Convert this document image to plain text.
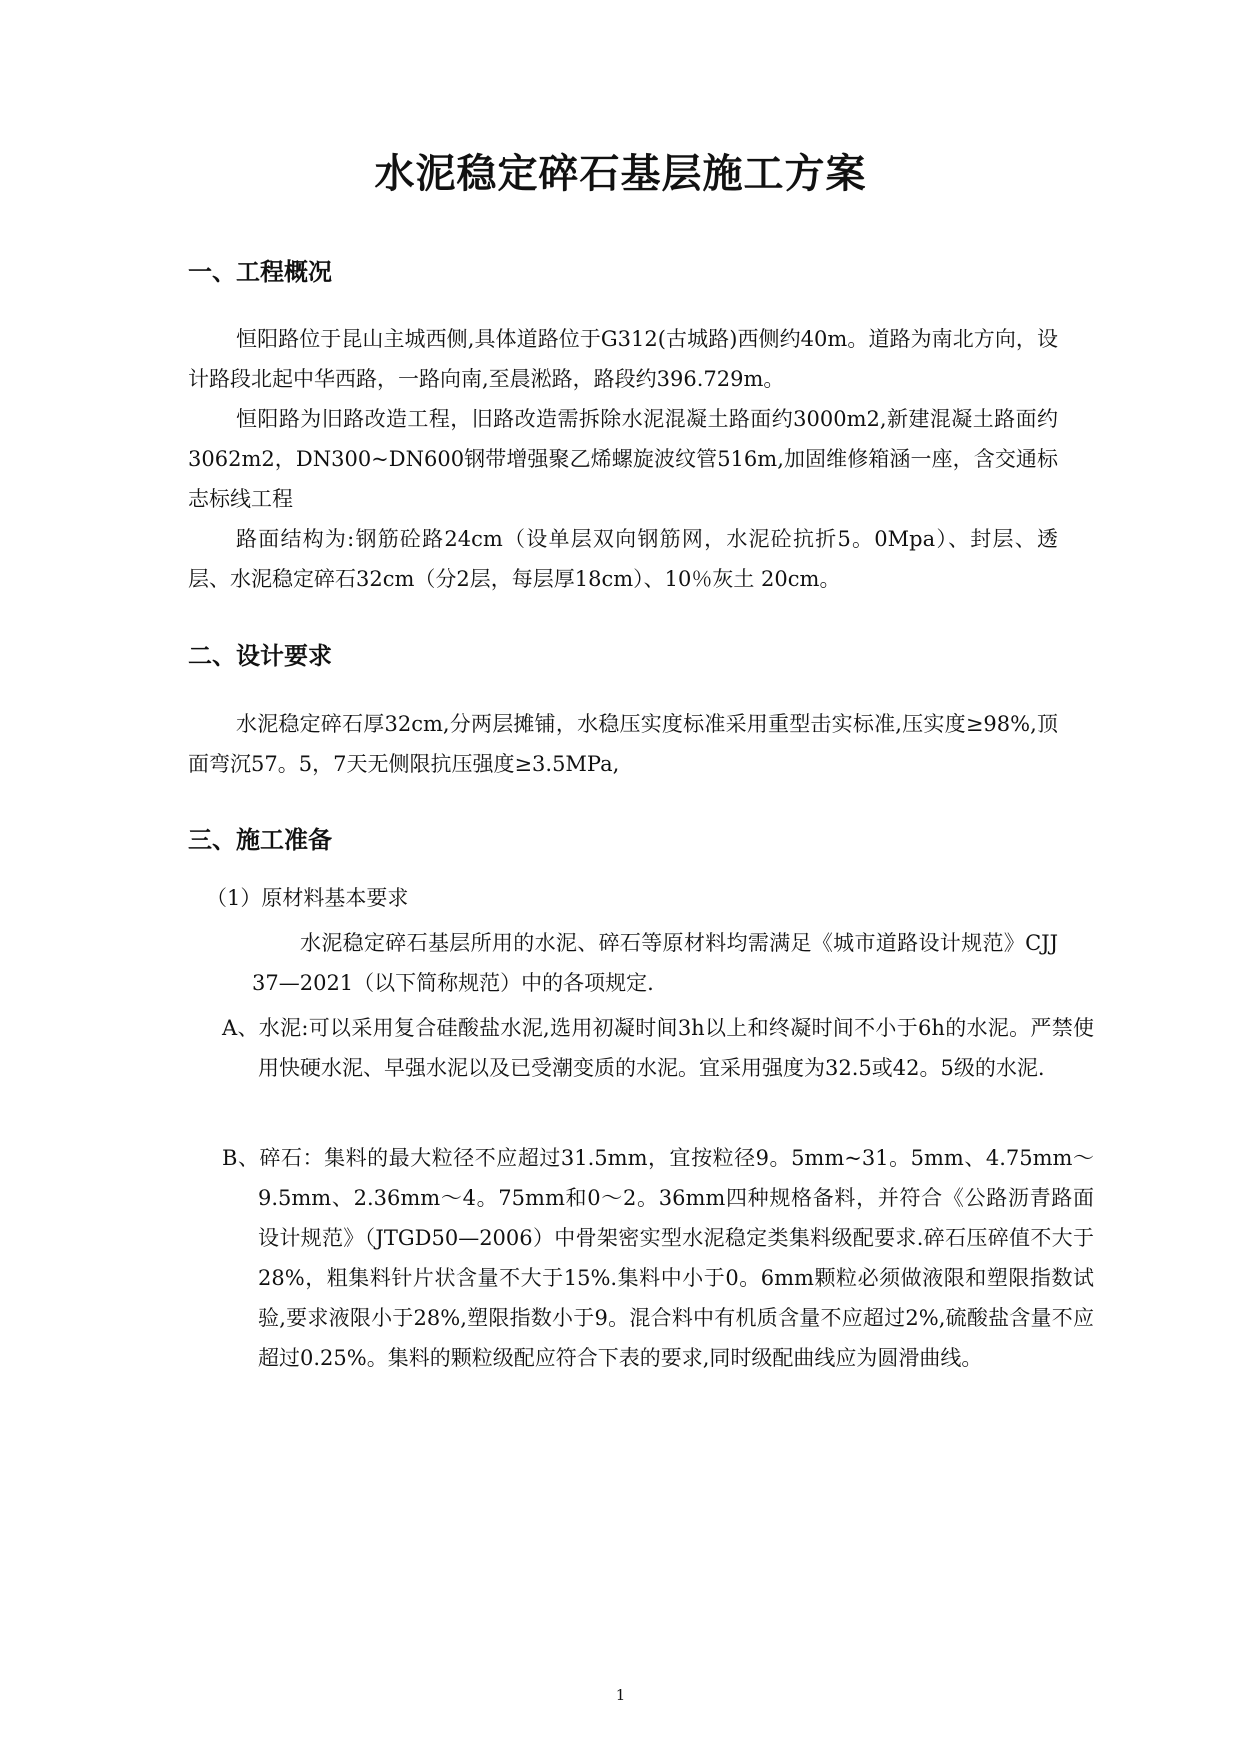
水泥稳定碎石基层施工方案
一、工程概况

恒阳路位于昆山主城西侧,具体道路位于G312(古城路)西侧约40m。道路为南北方向，设计路段北起中华西路，一路向南,至晨淞路，路段约396.729m。

恒阳路为旧路改造工程，旧路改造需拆除水泥混凝土路面约3000m2,新建混凝土路面约3062m2，DN300~DN600钢带增强聚乙烯螺旋波纹管516m,加固维修箱涵一座，含交通标志标线工程

路面结构为:钢筋砼路24cm（设单层双向钢筋网，水泥砼抗折5。0Mpa）、封层、透层、水泥稳定碎石32cm（分2层，每层厚18cm）、10％灰土 20cm。

二、设计要求

水泥稳定碎石厚32cm,分两层摊铺，水稳压实度标准采用重型击实标准,压实度≥98%,顶面弯沉57。5，7天无侧限抗压强度≥3.5MPa,

三、施工准备

（1）原材料基本要求

水泥稳定碎石基层所用的水泥、碎石等原材料均需满足《城市道路设计规范》CJJ 37—2021（以下简称规范）中的各项规定.

A、水泥:可以采用复合硅酸盐水泥,选用初凝时间3h以上和终凝时间不小于6h的水泥。严禁使用快硬水泥、早强水泥以及已受潮变质的水泥。宜采用强度为32.5或42。5级的水泥.

B、碎石：集料的最大粒径不应超过31.5mm，宜按粒径9。5mm~31。5mm、4.75mm～9.5mm、2.36mm～4。75mm和0～2。36mm四种规格备料，并符合《公路沥青路面设计规范》（JTGD50—2006）中骨架密实型水泥稳定类集料级配要求.碎石压碎值不大于28%，粗集料针片状含量不大于15%.集料中小于0。6mm颗粒必须做液限和塑限指数试验,要求液限小于28%,塑限指数小于9。混合料中有机质含量不应超过2%,硫酸盐含量不应超过0.25%。集料的颗粒级配应符合下表的要求,同时级配曲线应为圆滑曲线。

1
